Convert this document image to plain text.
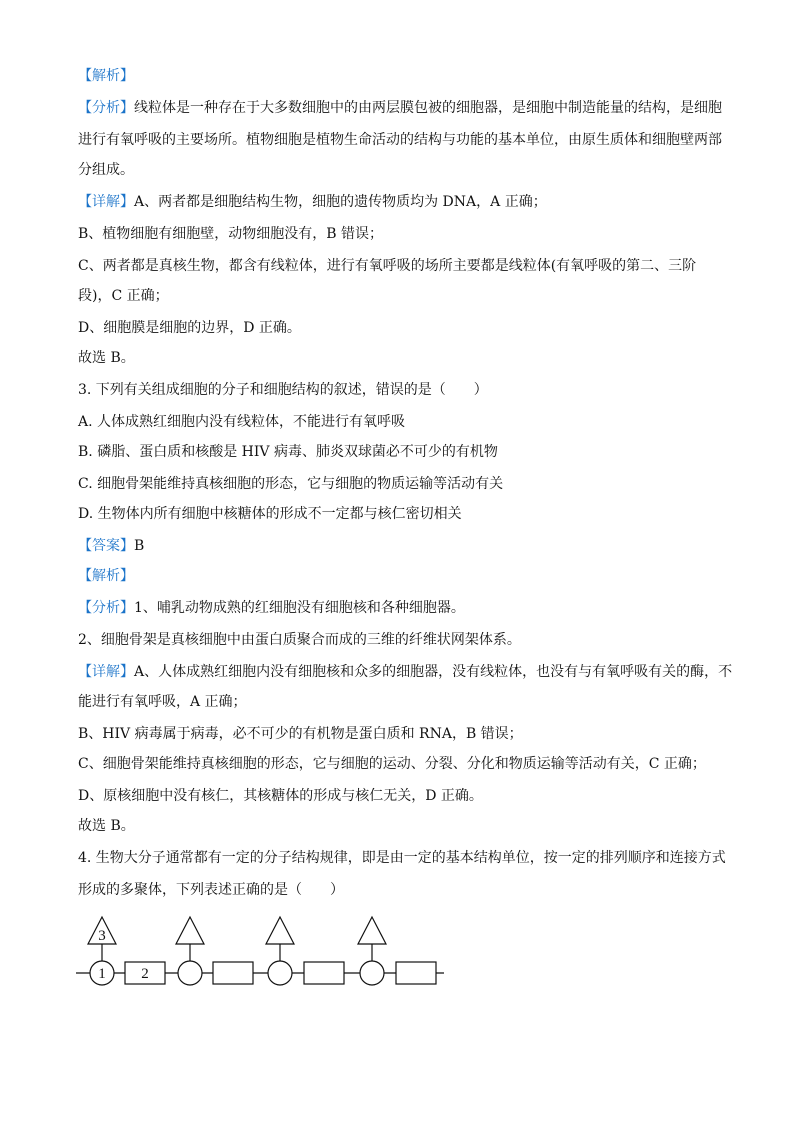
【解析】
【分析】线粒体是一种存在于大多数细胞中的由两层膜包被的细胞器，是细胞中制造能量的结构，是细胞
进行有氧呼吸的主要场所。植物细胞是植物生命活动的结构与功能的基本单位，由原生质体和细胞壁两部
分组成。
【详解】A、两者都是细胞结构生物，细胞的遗传物质均为 DNA，A 正确；
B、植物细胞有细胞壁，动物细胞没有，B 错误；
C、两者都是真核生物，都含有线粒体，进行有氧呼吸的场所主要都是线粒体(有氧呼吸的第二、三阶
段)，C 正确；
D、细胞膜是细胞的边界，D 正确。
故选 B。
3. 下列有关组成细胞的分子和细胞结构的叙述，错误的是（　　）
A. 人体成熟红细胞内没有线粒体，不能进行有氧呼吸
B. 磷脂、蛋白质和核酸是 HIV 病毒、肺炎双球菌必不可少的有机物
C. 细胞骨架能维持真核细胞的形态，它与细胞的物质运输等活动有关
D. 生物体内所有细胞中核糖体的形成不一定都与核仁密切相关
【答案】B
【解析】
【分析】1、哺乳动物成熟的红细胞没有细胞核和各种细胞器。
2、细胞骨架是真核细胞中由蛋白质聚合而成的三维的纤维状网架体系。
【详解】A、人体成熟红细胞内没有细胞核和众多的细胞器，没有线粒体，也没有与有氧呼吸有关的酶，不
能进行有氧呼吸，A 正确；
B、HIV 病毒属于病毒，必不可少的有机物是蛋白质和 RNA，B 错误；
C、细胞骨架能维持真核细胞的形态，它与细胞的运动、分裂、分化和物质运输等活动有关，C 正确；
D、原核细胞中没有核仁，其核糖体的形成与核仁无关，D 正确。
故选 B。
4. 生物大分子通常都有一定的分子结构规律，即是由一定的基本结构单位，按一定的排列顺序和连接方式
形成的多聚体，下列表述正确的是（　　）
3
1 2
